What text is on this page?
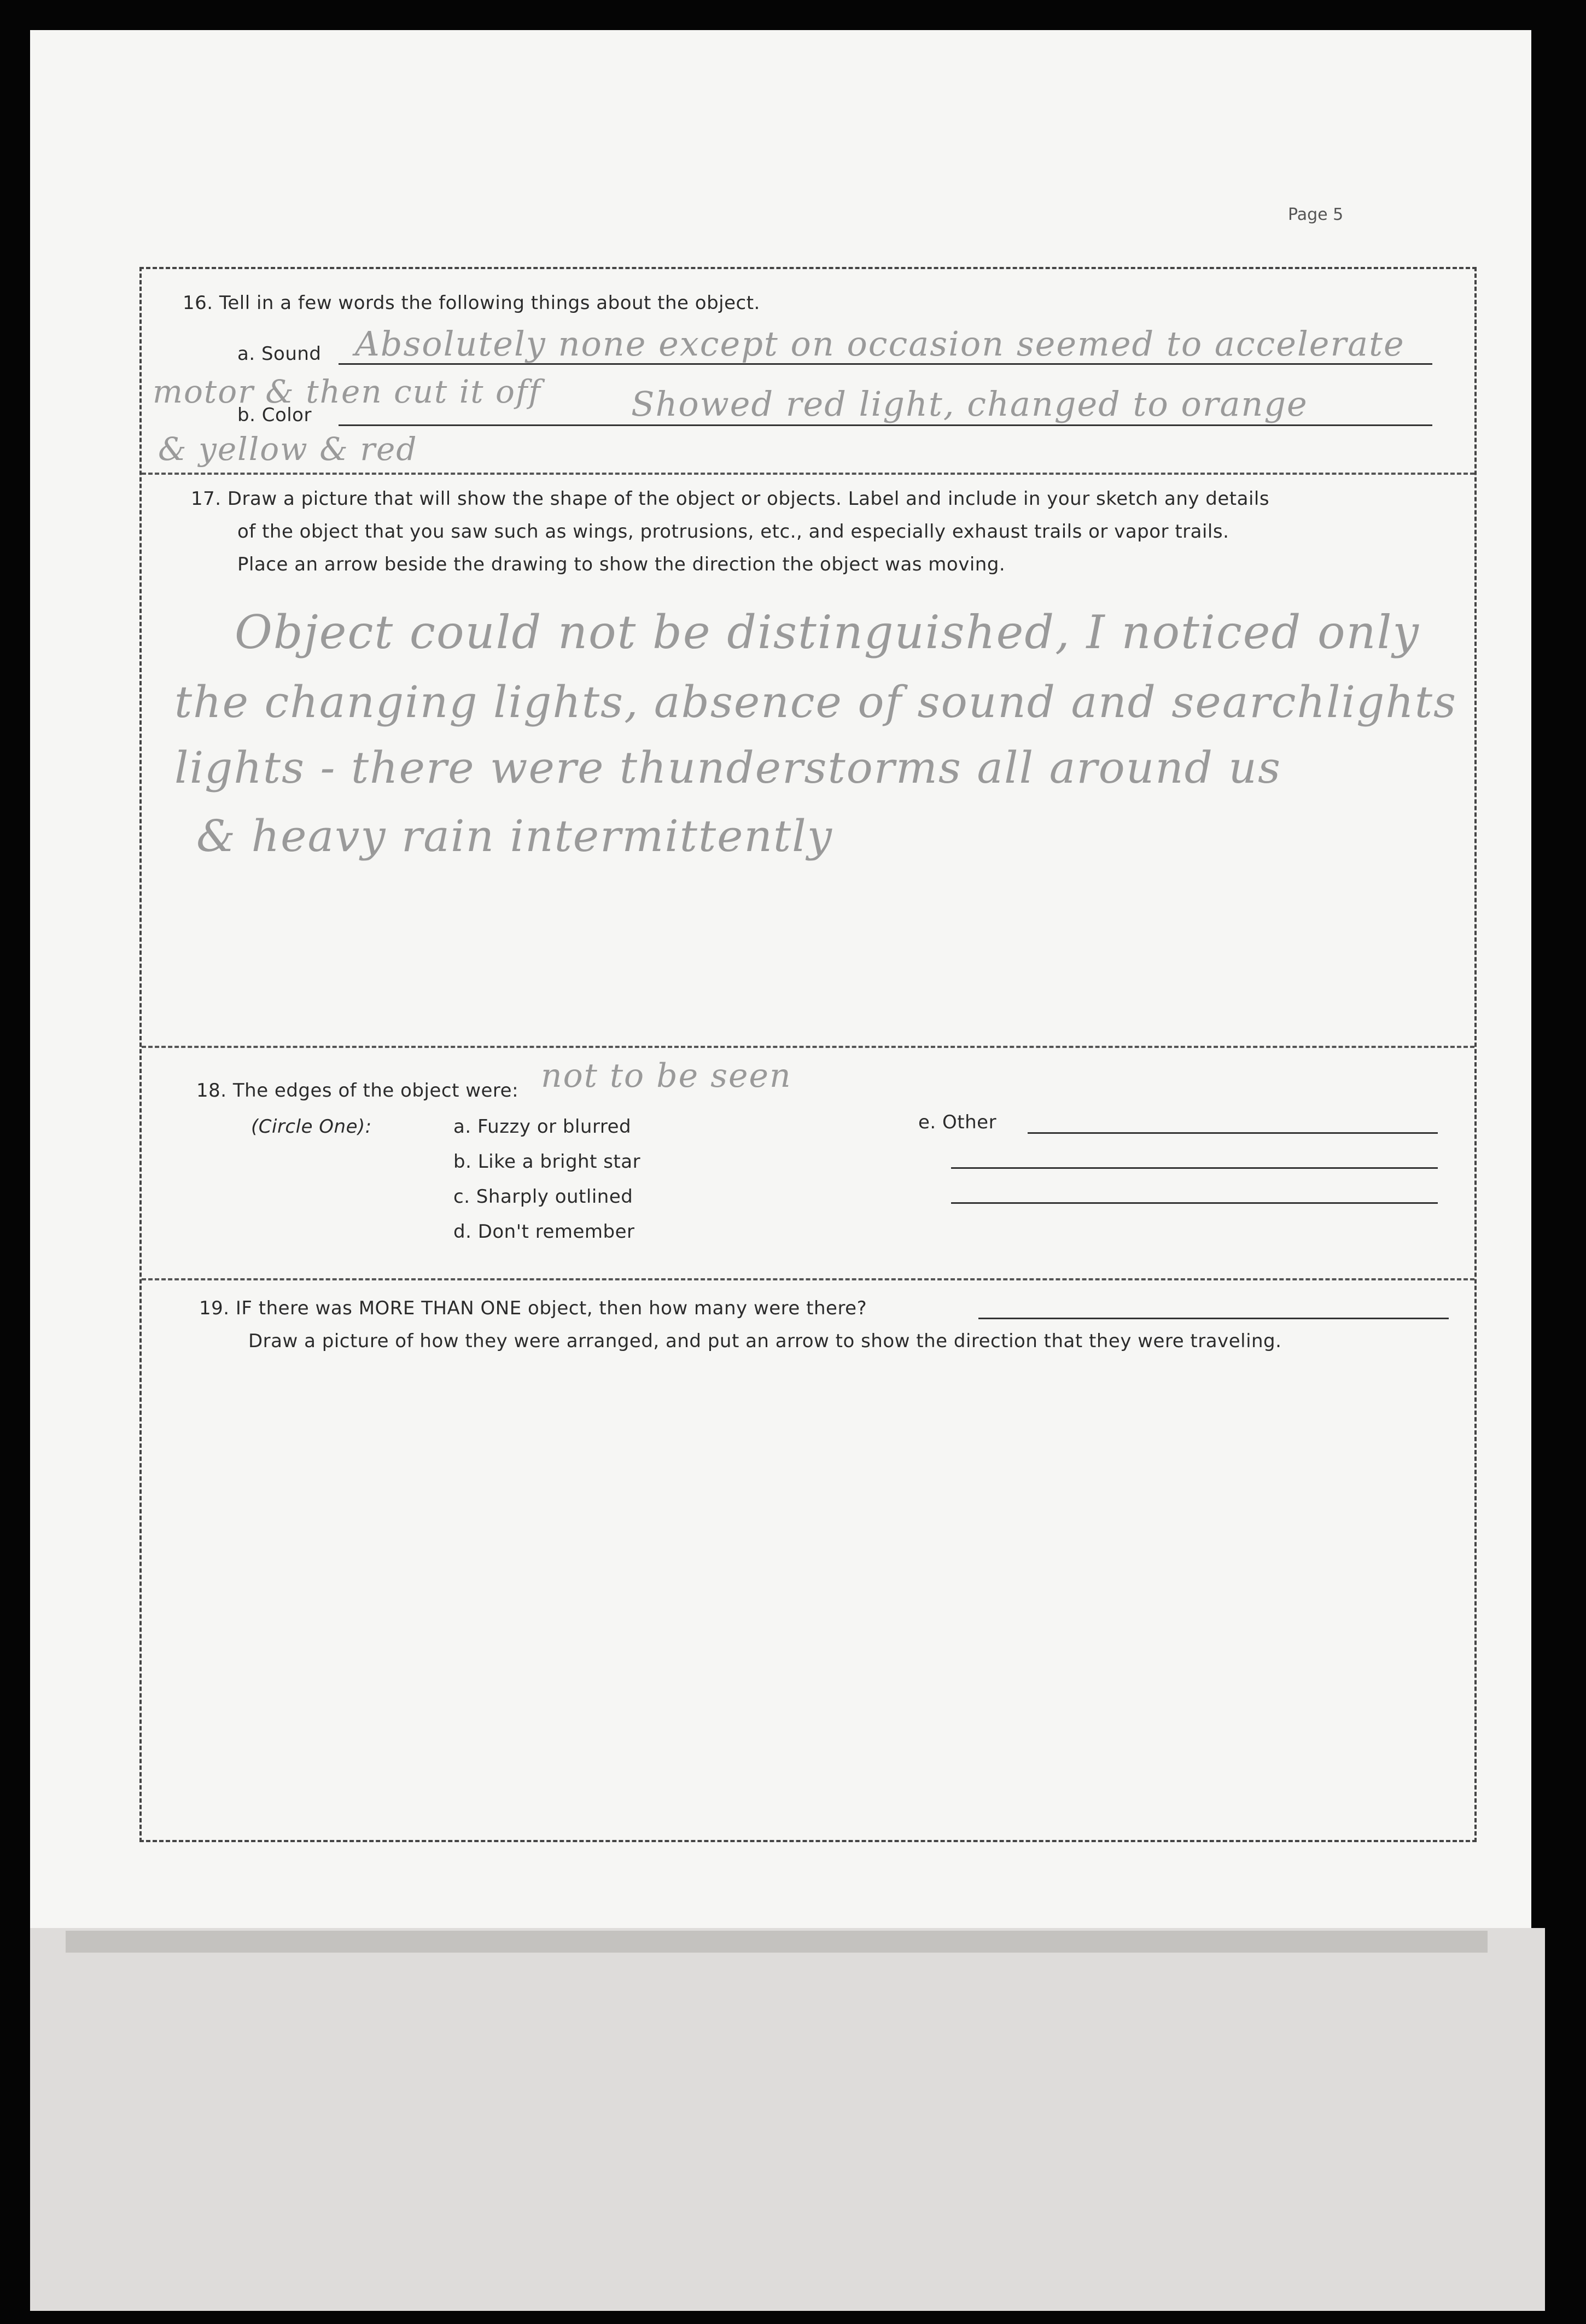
Page 5
16. Tell in a few words the following things about the object.
a. Sound Absolutely none except on occasion seemed to accelerate
motor & then cut it off
b. Color	Showed red light, changed to orange
& yellow & red
17. Draw a picture that will show the shape of the object or objects. Label and include in your sketch any details
of the object that you saw such as wings, protrusions, etc., and especially exhaust trails or vapor trails.
Place an arrow beside the drawing to show the direction the object was moving.
Object could not be distinguished, I noticed only
the changing lights, absence of sound and searchlights
lights - there were thunderstorms all around us
& heavy rain intermittently
18. The edges of the object were: not to be seen
(Circle One):	a. Fuzzy or blurred
b. Like a bright star
c. Sharply outlined
d. Don't remember
e. Other
19. IF there was MORE THAN ONE object, then how many were there?
Draw a picture of how they were arranged, and put an arrow to show the direction that they were traveling.
